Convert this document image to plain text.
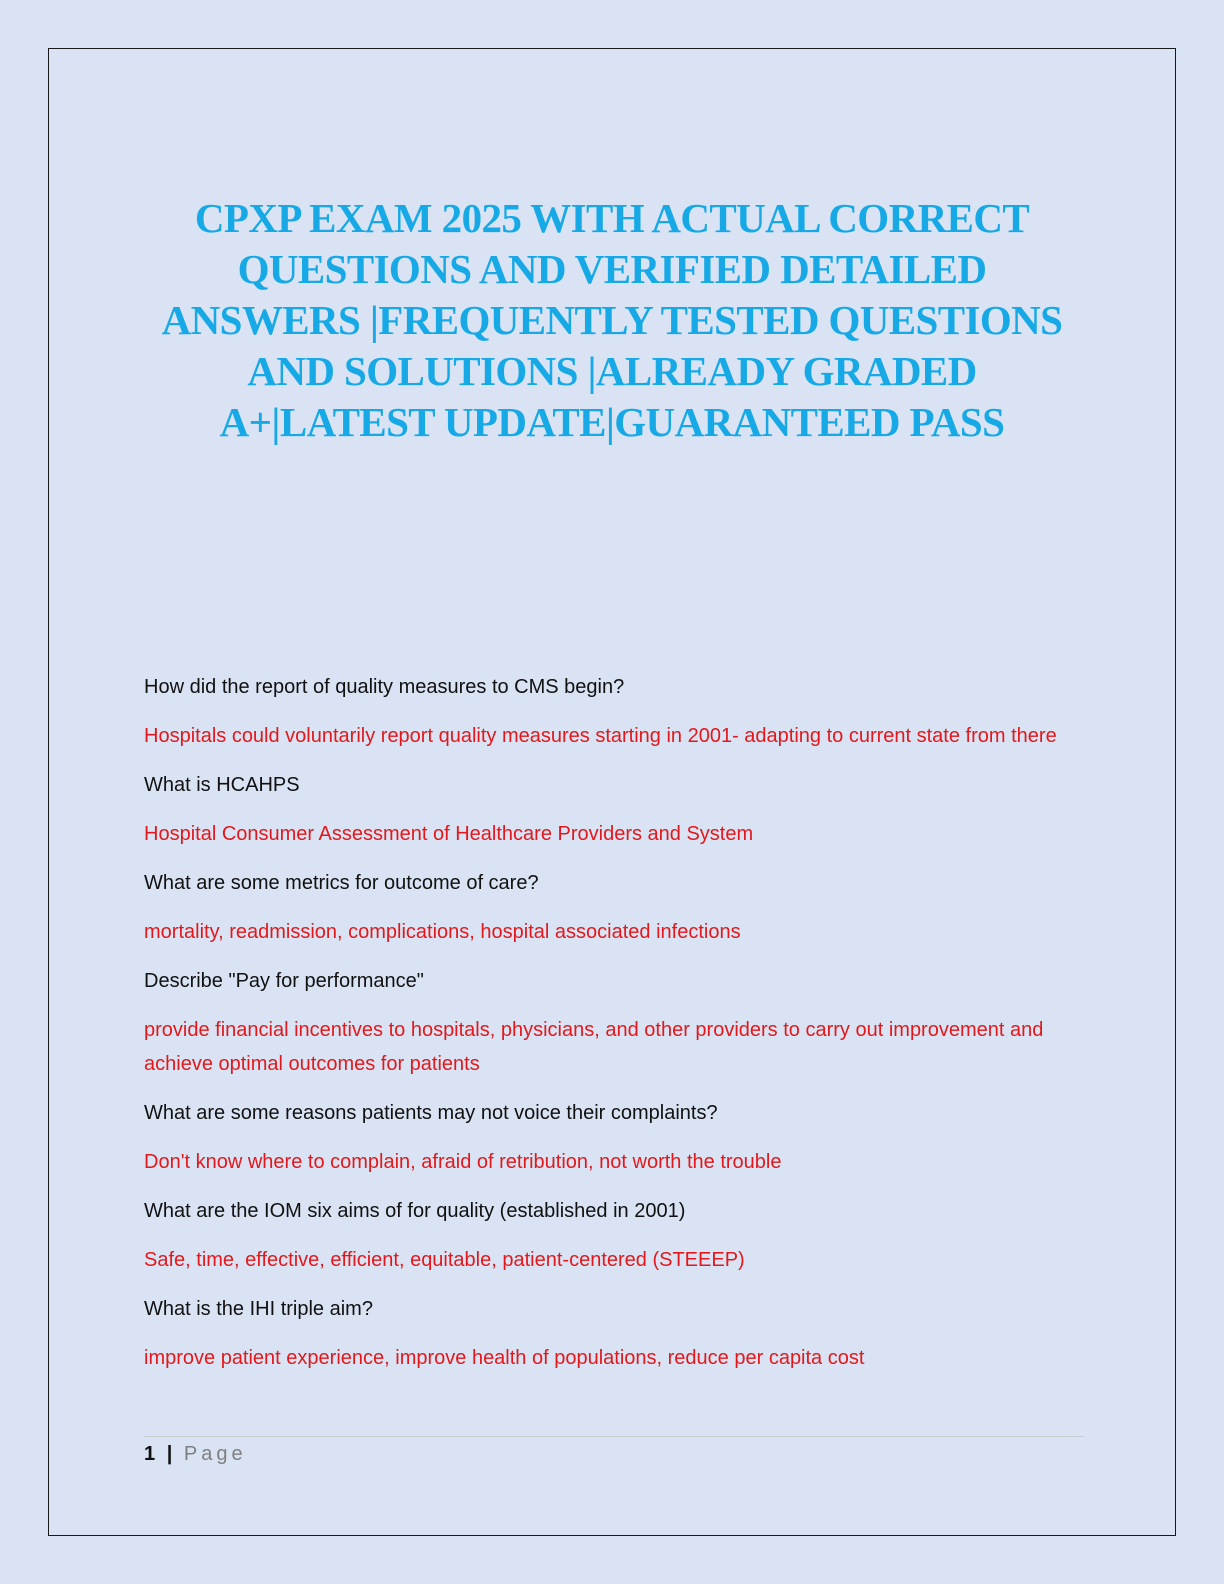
CPXP EXAM 2025 WITH ACTUAL CORRECT QUESTIONS AND VERIFIED DETAILED ANSWERS |FREQUENTLY TESTED QUESTIONS AND SOLUTIONS |ALREADY GRADED A+|LATEST UPDATE|GUARANTEED PASS

How did the report of quality measures to CMS begin?

Hospitals could voluntarily report quality measures starting in 2001- adapting to current state from there

What is HCAHPS

Hospital Consumer Assessment of Healthcare Providers and System

What are some metrics for outcome of care?

mortality, readmission, complications, hospital associated infections

Describe "Pay for performance"

provide financial incentives to hospitals, physicians, and other providers to carry out improvement and achieve optimal outcomes for patients

What are some reasons patients may not voice their complaints?

Don't know where to complain, afraid of retribution, not worth the trouble

What are the IOM six aims of for quality (established in 2001)

Safe, time, effective, efficient, equitable, patient-centered (STEEEP)

What is the IHI triple aim?

improve patient experience, improve health of populations, reduce per capita cost

1 | Page
